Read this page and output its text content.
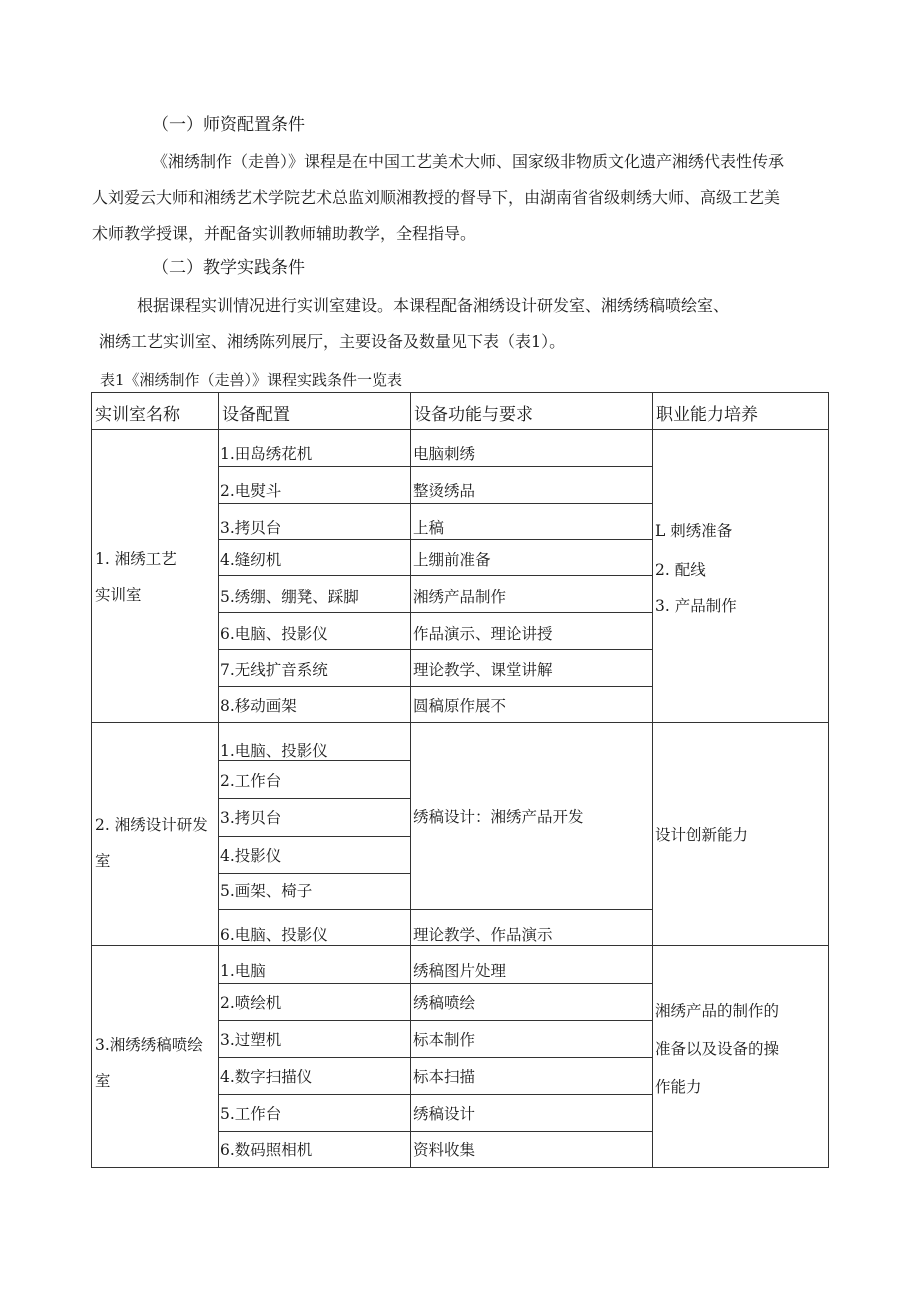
（一）师资配置条件
《湘绣制作（走兽）》课程是在中国工艺美术大师、国家级非物质文化遗产湘绣代表性传承
人刘爱云大师和湘绣艺术学院艺术总监刘顺湘教授的督导下，由湖南省省级刺绣大师、高级工艺美
术师教学授课，并配备实训教师辅助教学，全程指导。
（二）教学实践条件
根据课程实训情况进行实训室建设。本课程配备湘绣设计研发室、湘绣绣稿喷绘室、
湘绣工艺实训室、湘绣陈列展厅，主要设备及数量见下表（表1）。
表1《湘绣制作（走兽）》课程实践条件一览表
实训室名称 设备配置	设备功能与要求	职业能力培养
1. 湘绣工艺
实训室
1.田岛绣花机
2.电熨斗
3.拷贝台
4.缝纫机
5.绣绷、绷凳、踩脚
6.电脑、投影仪
7.无线扩音系统
8.移动画架
电脑刺绣
整烫绣品
上稿
上绷前准备
湘绣产品制作
作品演示、理论讲授
理论教学、课堂讲解
圆稿原作展不
L 刺绣准备
2. 配线
3. 产品制作
2. 湘绣设计研发
室
1.电脑、投影仪
2.工作台
3.拷贝台
4.投影仪
5.画架、椅子
6.电脑、投影仪
绣稿设计：湘绣产品开发
理论教学、作品演示
设计创新能力
3.湘绣绣稿喷绘
室
1.电脑
2.喷绘机
3.过塑机
4.数字扫描仪
5.工作台
6.数码照相机
绣稿图片处理
绣稿喷绘
标本制作
标本扫描
绣稿设计
资料收集
湘绣产品的制作的
准备以及设备的操
作能力
